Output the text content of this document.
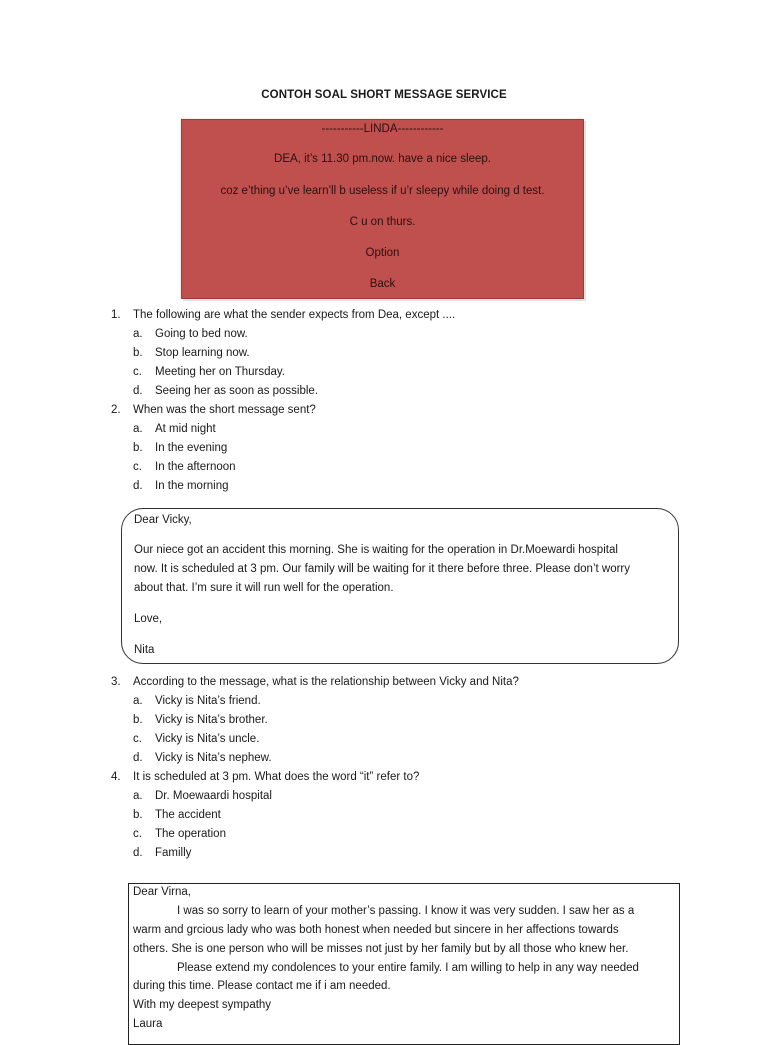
CONTOH SOAL SHORT MESSAGE SERVICE
-----------LINDA------------
DEA, it’s 11.30 pm.now. have a nice sleep.
coz e’thing u’ve learn’ll b useless if u’r sleepy while doing d test.
C u on thurs.
Option
Back
1. The following are what the sender expects from Dea, except ....
a. Going to bed now.
b. Stop learning now.
c. Meeting her on Thursday.
d. Seeing her as soon as possible.
2. When was the short message sent?
a. At mid night
b. In the evening
c. In the afternoon
d. In the morning
Dear Vicky,
Our niece got an accident this morning. She is waiting for the operation in Dr.Moewardi hospital
now. It is scheduled at 3 pm. Our family will be waiting for it there before three. Please don’t worry
about that. I’m sure it will run well for the operation.
Love,
Nita
3. According to the message, what is the relationship between Vicky and Nita?
a. Vicky is Nita’s friend.
b. Vicky is Nita’s brother.
c. Vicky is Nita’s uncle.
d. Vicky is Nita’s nephew.
4. It is scheduled at 3 pm. What does the word “it” refer to?
a. Dr. Moewaardi hospital
b. The accident
c. The operation
d. Familly
Dear Virna,
I was so sorry to learn of your mother’s passing. I know it was very sudden. I saw her as a
warm and grcious lady who was both honest when needed but sincere in her affections towards
others. She is one person who will be misses not just by her family but by all those who knew her.
Please extend my condolences to your entire family. I am willing to help in any way needed
during this time. Please contact me if i am needed.
With my deepest sympathy
Laura
